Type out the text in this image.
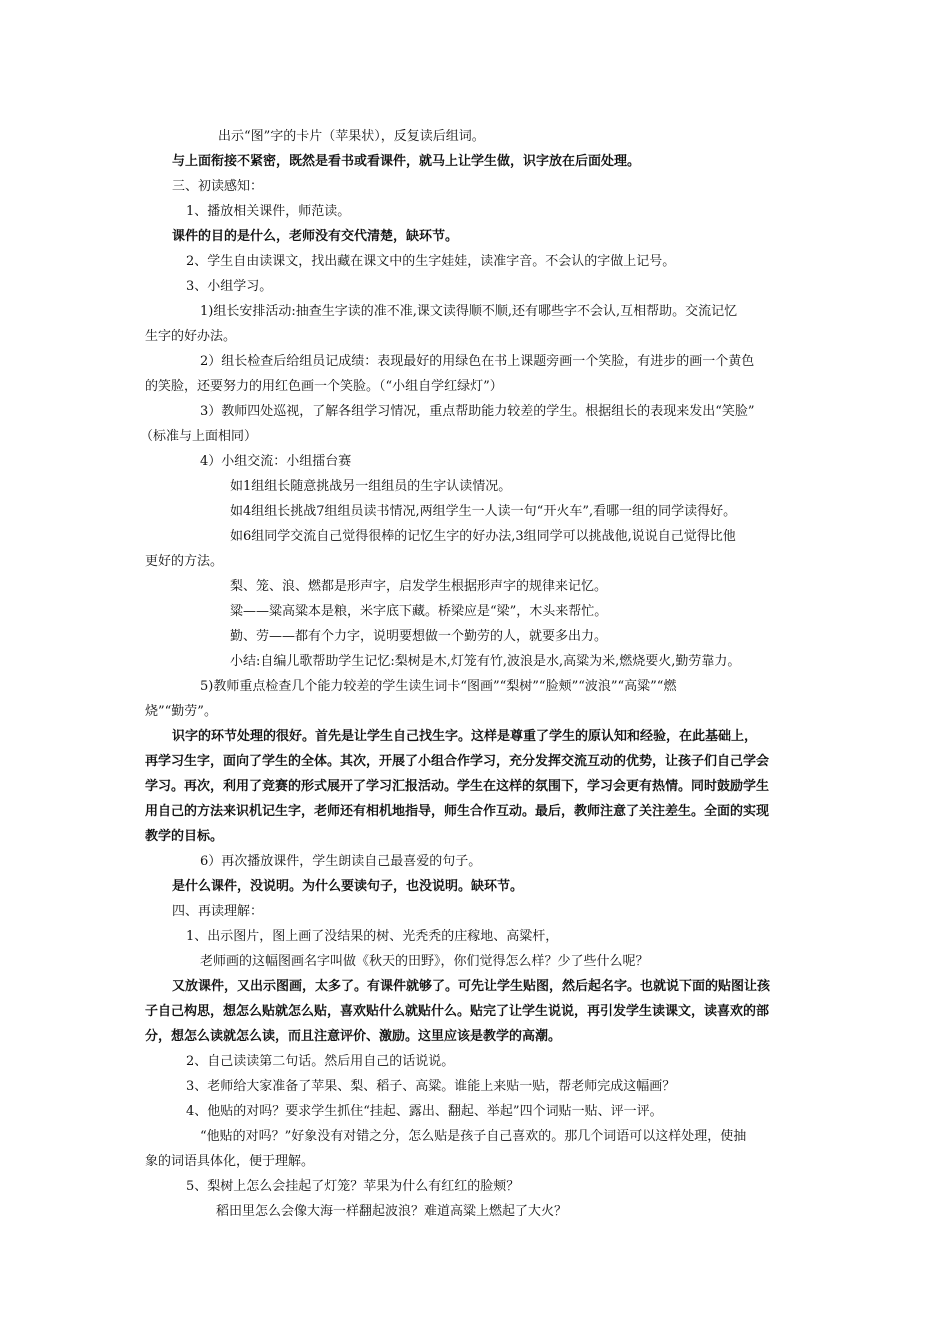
出示“图”字的卡片（苹果状），反复读后组词。
与上面衔接不紧密，既然是看书或看课件，就马上让学生做，识字放在后面处理。
三、初读感知：
1、播放相关课件，师范读。
课件的目的是什么，老师没有交代清楚，缺环节。
2、学生自由读课文，找出藏在课文中的生字娃娃，读准字音。不会认的字做上记号。
3、小组学习。
1)组长安排活动:抽查生字读的准不准,课文读得顺不顺,还有哪些字不会认,互相帮助。交流记忆
生字的好办法。
2）组长检查后给组员记成绩：表现最好的用绿色在书上课题旁画一个笑脸，有进步的画一个黄色
的笑脸，还要努力的用红色画一个笑脸。（“小组自学红绿灯”）
3）教师四处巡视，了解各组学习情况，重点帮助能力较差的学生。根据组长的表现来发出“笑脸”
（标准与上面相同）
4）小组交流：小组擂台赛
如1组组长随意挑战另一组组员的生字认读情况。
如4组组长挑战7组组员读书情况,两组学生一人读一句“开火车”,看哪一组的同学读得好。
如6组同学交流自己觉得很棒的记忆生字的好办法,3组同学可以挑战他,说说自己觉得比他
更好的方法。
梨、笼、浪、燃都是形声字，启发学生根据形声字的规律来记忆。
粱——粱高粱本是粮，米字底下藏。桥梁应是“梁”，木头来帮忙。
勤、劳——都有个力字，说明要想做一个勤劳的人，就要多出力。
小结:自编儿歌帮助学生记忆:梨树是木,灯笼有竹,波浪是水,高粱为米,燃烧要火,勤劳靠力。
5)教师重点检查几个能力较差的学生读生词卡“图画”“梨树”“脸颊”“波浪”“高粱”“燃
烧”“勤劳”。
识字的环节处理的很好。首先是让学生自己找生字。这样是尊重了学生的原认知和经验，在此基础上，
再学习生字，面向了学生的全体。其次，开展了小组合作学习，充分发挥交流互动的优势，让孩子们自己学会
学习。再次，利用了竞赛的形式展开了学习汇报活动。学生在这样的氛围下，学习会更有热情。同时鼓励学生
用自己的方法来识机记生字，老师还有相机地指导，师生合作互动。最后，教师注意了关注差生。全面的实现
教学的目标。
6）再次播放课件，学生朗读自己最喜爱的句子。
是什么课件，没说明。为什么要读句子，也没说明。缺环节。
四、再读理解：
1、出示图片，图上画了没结果的树、光秃秃的庄稼地、高粱杆，
老师画的这幅图画名字叫做《秋天的田野》，你们觉得怎么样？少了些什么呢？
又放课件，又出示图画，太多了。有课件就够了。可先让学生贴图，然后起名字。也就说下面的贴图让孩
子自己构思，想怎么贴就怎么贴，喜欢贴什么就贴什么。贴完了让学生说说，再引发学生读课文，读喜欢的部
分，想怎么读就怎么读，而且注意评价、激励。这里应该是教学的高潮。
2、自己读读第二句话。然后用自己的话说说。
3、老师给大家准备了苹果、梨、稻子、高粱。谁能上来贴一贴，帮老师完成这幅画？
4、他贴的对吗？要求学生抓住“挂起、露出、翻起、举起”四个词贴一贴、评一评。
“他贴的对吗？”好象没有对错之分，怎么贴是孩子自己喜欢的。那几个词语可以这样处理，使抽
象的词语具体化，便于理解。
5、梨树上怎么会挂起了灯笼？苹果为什么有红红的脸颊？
稻田里怎么会像大海一样翻起波浪？难道高粱上燃起了大火？
